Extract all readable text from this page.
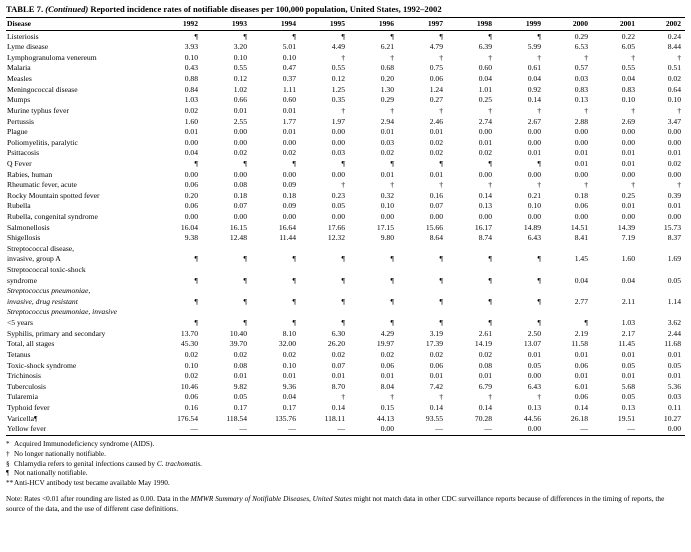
TABLE 7. (Continued) Reported incidence rates of notifiable diseases per 100,000 population, United States, 1992–2002
Disease	1992	1993	1994	1995	1996	1997	1998	1999	2000	2001	2002
Listeriosis	¶	¶	¶	¶	¶	¶	¶	¶	0.29	0.22	0.24
Lyme disease	3.93	3.20	5.01	4.49	6.21	4.79	6.39	5.99	6.53	6.05	8.44
Lymphogranuloma venereum	0.10	0.10	0.10	†	†	†	†	†	†	†	†
Malaria	0.43	0.55	0.47	0.55	0.68	0.75	0.60	0.61	0.57	0.55	0.51
Measles	0.88	0.12	0.37	0.12	0.20	0.06	0.04	0.04	0.03	0.04	0.02
Meningococcal disease	0.84	1.02	1.11	1.25	1.30	1.24	1.01	0.92	0.83	0.83	0.64
Mumps	1.03	0.66	0.60	0.35	0.29	0.27	0.25	0.14	0.13	0.10	0.10
Murine typhus fever	0.02	0.01	0.01	†	†	†	†	†	†	†	†
Pertussis	1.60	2.55	1.77	1.97	2.94	2.46	2.74	2.67	2.88	2.69	3.47
Plague	0.01	0.00	0.01	0.00	0.01	0.01	0.00	0.00	0.00	0.00	0.00
Poliomyelitis, paralytic	0.00	0.00	0.00	0.00	0.03	0.02	0.01	0.00	0.00	0.00	0.00
Psittacosis	0.04	0.02	0.02	0.03	0.02	0.02	0.02	0.01	0.01	0.01	0.01
Q Fever	¶	¶	¶	¶	¶	¶	¶	¶	0.01	0.01	0.02
Rabies, human	0.00	0.00	0.00	0.00	0.01	0.01	0.00	0.00	0.00	0.00	0.00
Rheumatic fever, acute	0.06	0.08	0.09	†	†	†	†	†	†	†	†
Rocky Mountain spotted fever	0.20	0.18	0.18	0.23	0.32	0.16	0.14	0.21	0.18	0.25	0.39
Rubella	0.06	0.07	0.09	0.05	0.10	0.07	0.13	0.10	0.06	0.01	0.01
Rubella, congenital syndrome	0.00	0.00	0.00	0.00	0.00	0.00	0.00	0.00	0.00	0.00	0.00
Salmonellosis	16.04	16.15	16.64	17.66	17.15	15.66	16.17	14.89	14.51	14.39	15.73
Shigellosis	9.38	12.48	11.44	12.32	9.80	8.64	8.74	6.43	8.41	7.19	8.37
Streptococcal disease,											
invasive, group A	¶	¶	¶	¶	¶	¶	¶	¶	1.45	1.60	1.69
Streptococcal toxic-shock											
syndrome	¶	¶	¶	¶	¶	¶	¶	¶	0.04	0.04	0.05
Streptococcus pneumoniae,											
invasive, drug resistant	¶	¶	¶	¶	¶	¶	¶	¶	2.77	2.11	1.14
Streptococcus pneumoniae, invasive											
<5 years	¶	¶	¶	¶	¶	¶	¶	¶	¶	1.03	3.62
Syphilis, primary and secondary	13.70	10.40	8.10	6.30	4.29	3.19	2.61	2.50	2.19	2.17	2.44
Total, all stages	45.30	39.70	32.00	26.20	19.97	17.39	14.19	13.07	11.58	11.45	11.68
Tetanus	0.02	0.02	0.02	0.02	0.02	0.02	0.02	0.01	0.01	0.01	0.01
Toxic-shock syndrome	0.10	0.08	0.10	0.07	0.06	0.06	0.08	0.05	0.06	0.05	0.05
Trichinosis	0.02	0.01	0.01	0.01	0.01	0.01	0.01	0.00	0.01	0.01	0.01
Tuberculosis	10.46	9.82	9.36	8.70	8.04	7.42	6.79	6.43	6.01	5.68	5.36
Tularemia	0.06	0.05	0.04	†	†	†	†	†	0.06	0.05	0.03
Typhoid fever	0.16	0.17	0.17	0.14	0.15	0.14	0.14	0.13	0.14	0.13	0.11
Varicella¶	176.54	118.54	135.76	118.11	44.13	93.55	70.28	44.56	26.18	19.51	10.27
Yellow fever	—	—	—	—	0.00	—	—	0.00	—	—	0.00
* Acquired Immunodeficiency syndrome (AIDS).
† No longer nationally notifiable.
§ Chlamydia refers to genital infections caused by C. trachomatis.
¶ Not nationally notifiable.
**Anti-HCV antibody test became available May 1990.
Note: Rates <0.01 after rounding are listed as 0.00. Data in the MMWR Summary of Notifiable Diseases, United States might not match data in other CDC surveillance reports because of differences in the timing of reports, the source of the data, and the use of different case definitions.
